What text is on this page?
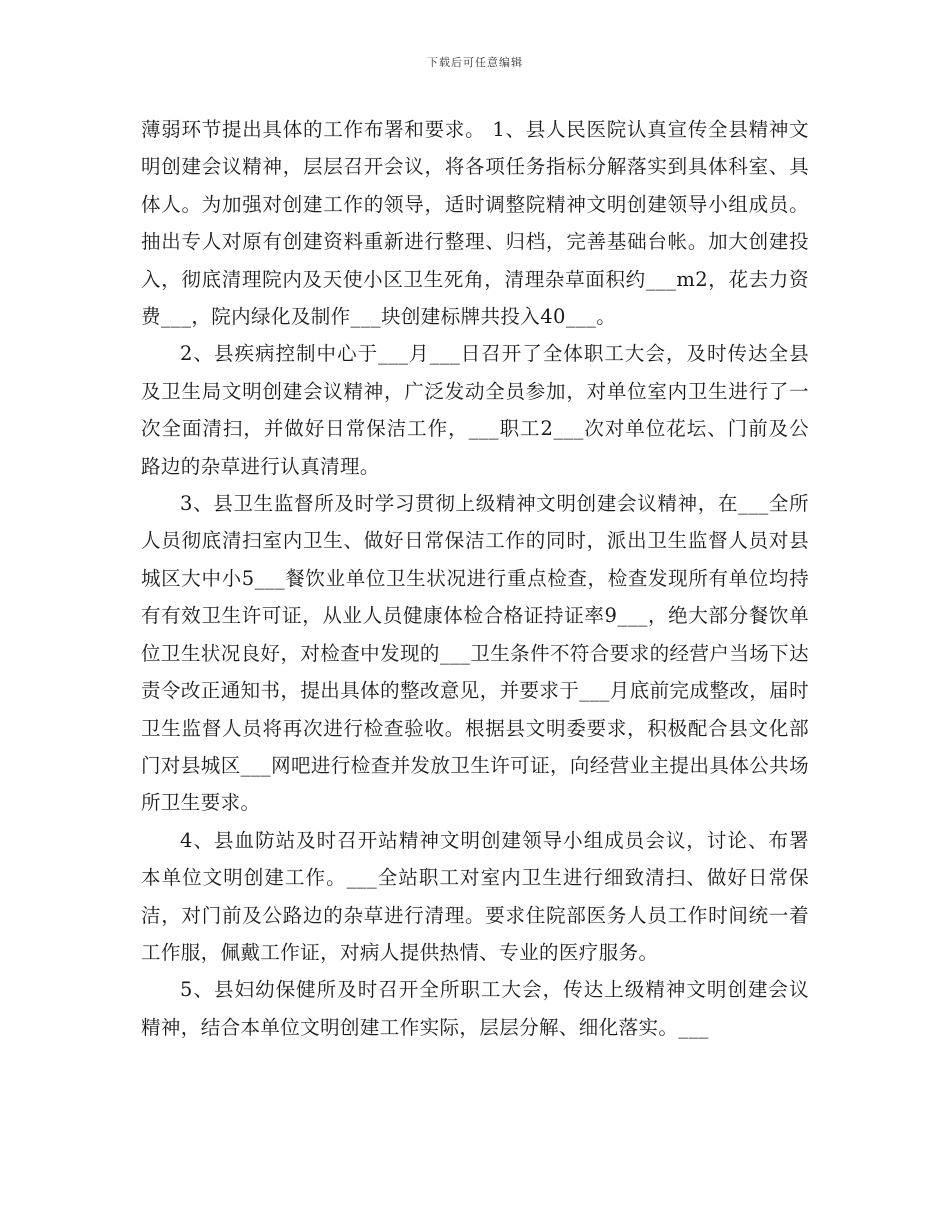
下载后可任意编辑

薄弱环节提出具体的工作布署和要求。 1、县人民医院认真宣传全县精神文明创建会议精神，层层召开会议，将各项任务指标分解落实到具体科室、具体人。为加强对创建工作的领导，适时调整院精神文明创建领导小组成员。抽出专人对原有创建资料重新进行整理、归档，完善基础台帐。加大创建投入，彻底清理院内及天使小区卫生死角，清理杂草面积约___m2，花去力资费___，院内绿化及制作___块创建标牌共投入40___。

2、县疾病控制中心于___月___日召开了全体职工大会，及时传达全县及卫生局文明创建会议精神，广泛发动全员参加，对单位室内卫生进行了一次全面清扫，并做好日常保洁工作，___职工2___次对单位花坛、门前及公路边的杂草进行认真清理。

3、县卫生监督所及时学习贯彻上级精神文明创建会议精神，在___全所人员彻底清扫室内卫生、做好日常保洁工作的同时，派出卫生监督人员对县城区大中小5___餐饮业单位卫生状况进行重点检查，检查发现所有单位均持有有效卫生许可证，从业人员健康体检合格证持证率9___，绝大部分餐饮单位卫生状况良好，对检查中发现的___卫生条件不符合要求的经营户当场下达责令改正通知书，提出具体的整改意见，并要求于___月底前完成整改，届时卫生监督人员将再次进行检查验收。根据县文明委要求，积极配合县文化部门对县城区___网吧进行检查并发放卫生许可证，向经营业主提出具体公共场所卫生要求。

4、县血防站及时召开站精神文明创建领导小组成员会议，讨论、布署本单位文明创建工作。___全站职工对室内卫生进行细致清扫、做好日常保洁，对门前及公路边的杂草进行清理。要求住院部医务人员工作时间统一着工作服，佩戴工作证，对病人提供热情、专业的医疗服务。

5、县妇幼保健所及时召开全所职工大会，传达上级精神文明创建会议精神，结合本单位文明创建工作实际，层层分解、细化落实。___
